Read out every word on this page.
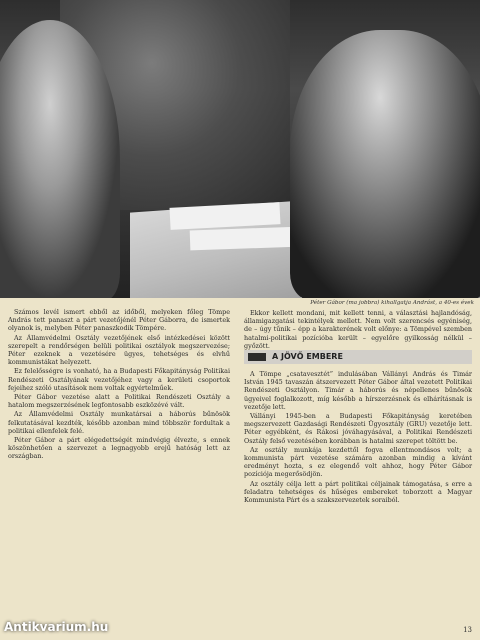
Péter Gábor (ma jobbra) kihallgatja Andrást, a 40-es évek

Számos levél ismert ebből az időből, melyeken főleg Tömpe András tett panaszt a párt vezetőjénél Péter Gáborra, de ismertek olyanok is, melyben Péter panaszkodik Tömpére.

Az Államvédelmi Osztály vezetőjének első intézkedései között szerepelt a rendőrségen belüli politikai osztályok megszervezése; Péter ezeknek a vezetésére ügyes, tehetséges és elvhű kommunistákat helyezett.

Ez felelősségre is vonható, ha a Budapesti Főkapitányság Politikai Rendészeti Osztályának vezetőjéhez vagy a kerületi csoportok fejeihez szóló utasítások nem voltak egyértelműek.

Péter Gábor vezetése alatt a Politikai Rendészeti Osztály a hatalom megszerzésének legfontosabb eszközévé vált.

Az Államvédelmi Osztály munkatársai a háborús bűnösök felkutatásával kezdték, később azonban mind többször fordultak a politikai ellenfelek felé.

Péter Gábor a párt elégedettségét mindvégig élvezte, s ennek köszönhetően a szervezet a legnagyobb erejű hatóság lett az országban.

Ekkor kellett mondani, mit kellett tenni, a választási hajlandóság, államigazgatási tekintélyek mellett. Nem volt szerencsés egyéniség, de – úgy tűnik – épp a karakterének volt előnye: a Tömpével szemben hatalmi-politikai pozícióba került – egyelőre gyilkosság nélkül – győzött.

A JÖVŐ EMBERE

A Tömpe „csatavesztét” indulásában Vállányi András és Timár István 1945 tavaszán átszervezett Péter Gábor által vezetett Politikai Rendészeti Osztályon. Timár a háborús és népellenes bűnösök ügyeivel foglalkozott, míg később a hírszerzésnek és elhárításnak is vezetője lett.

Vállányi 1945-ben a Budapesti Főkapitányság keretében megszervezett Gazdasági Rendészeti Ügyosztály (GRU) vezetője lett. Péter egyébként, és Rákosi jóváhagyásával, a Politikai Rendészeti Osztály felső vezetésében korábban is hatalmi szerepet töltött be.

Az osztály munkája kezdettől fogva ellentmondásos volt; a kommunista párt vezetése számára azonban mindig a kívánt eredményt hozta, s ez elegendő volt ahhoz, hogy Péter Gábor pozíciója megerősödjön.

Az osztály célja lett a párt politikai céljainak támogatása, s erre a feladatra tehetséges és hűséges embereket toborzott a Magyar Kommunista Párt és a szakszervezetek soraiból.

Antikvarium.hu	13
